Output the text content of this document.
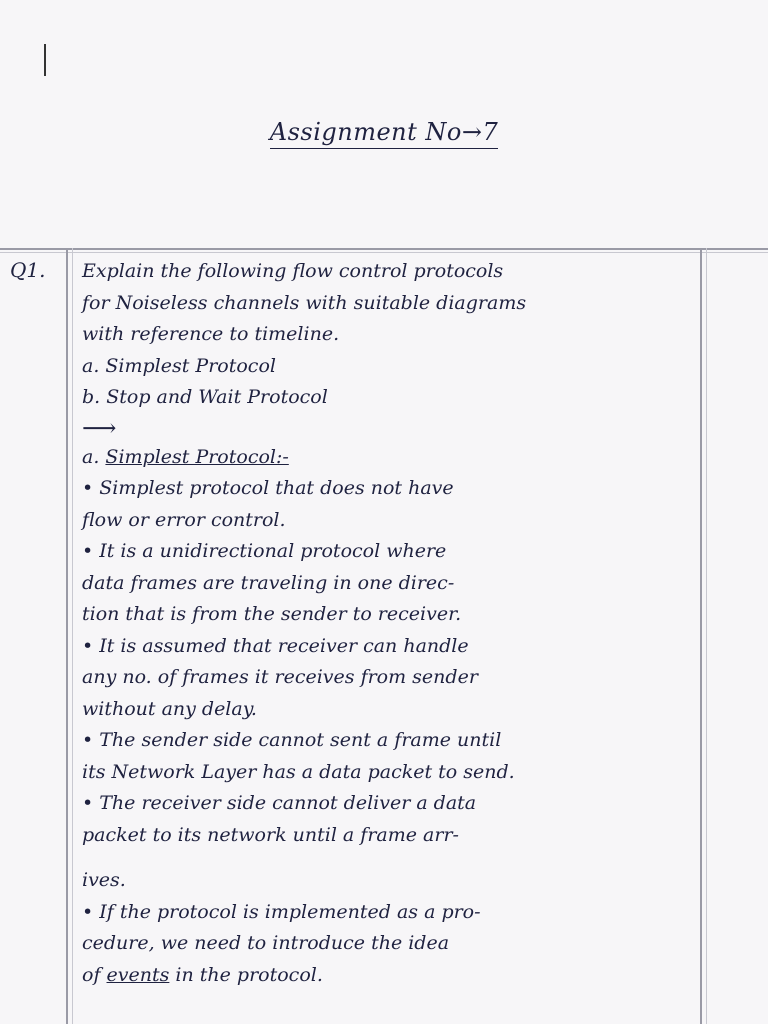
Assignment No→7
Q1. Explain the following flow control protocols
for Noiseless channels with suitable diagrams
with reference to timeline.
a. Simplest Protocol
b. Stop and Wait Protocol
⟶
a. Simplest Protocol:-
• Simplest protocol that does not have
flow or error control.
• It is a unidirectional protocol where
data frames are traveling in one direc-
tion that is from the sender to receiver.
• It is assumed that receiver can handle
any no. of frames it receives from sender
without any delay.
• The sender side cannot sent a frame until
its Network Layer has a data packet to send.
• The receiver side cannot deliver a data
packet to its network until a frame arr-
ives.
• If the protocol is implemented as a pro-
cedure, we need to introduce the idea
of events in the protocol.
